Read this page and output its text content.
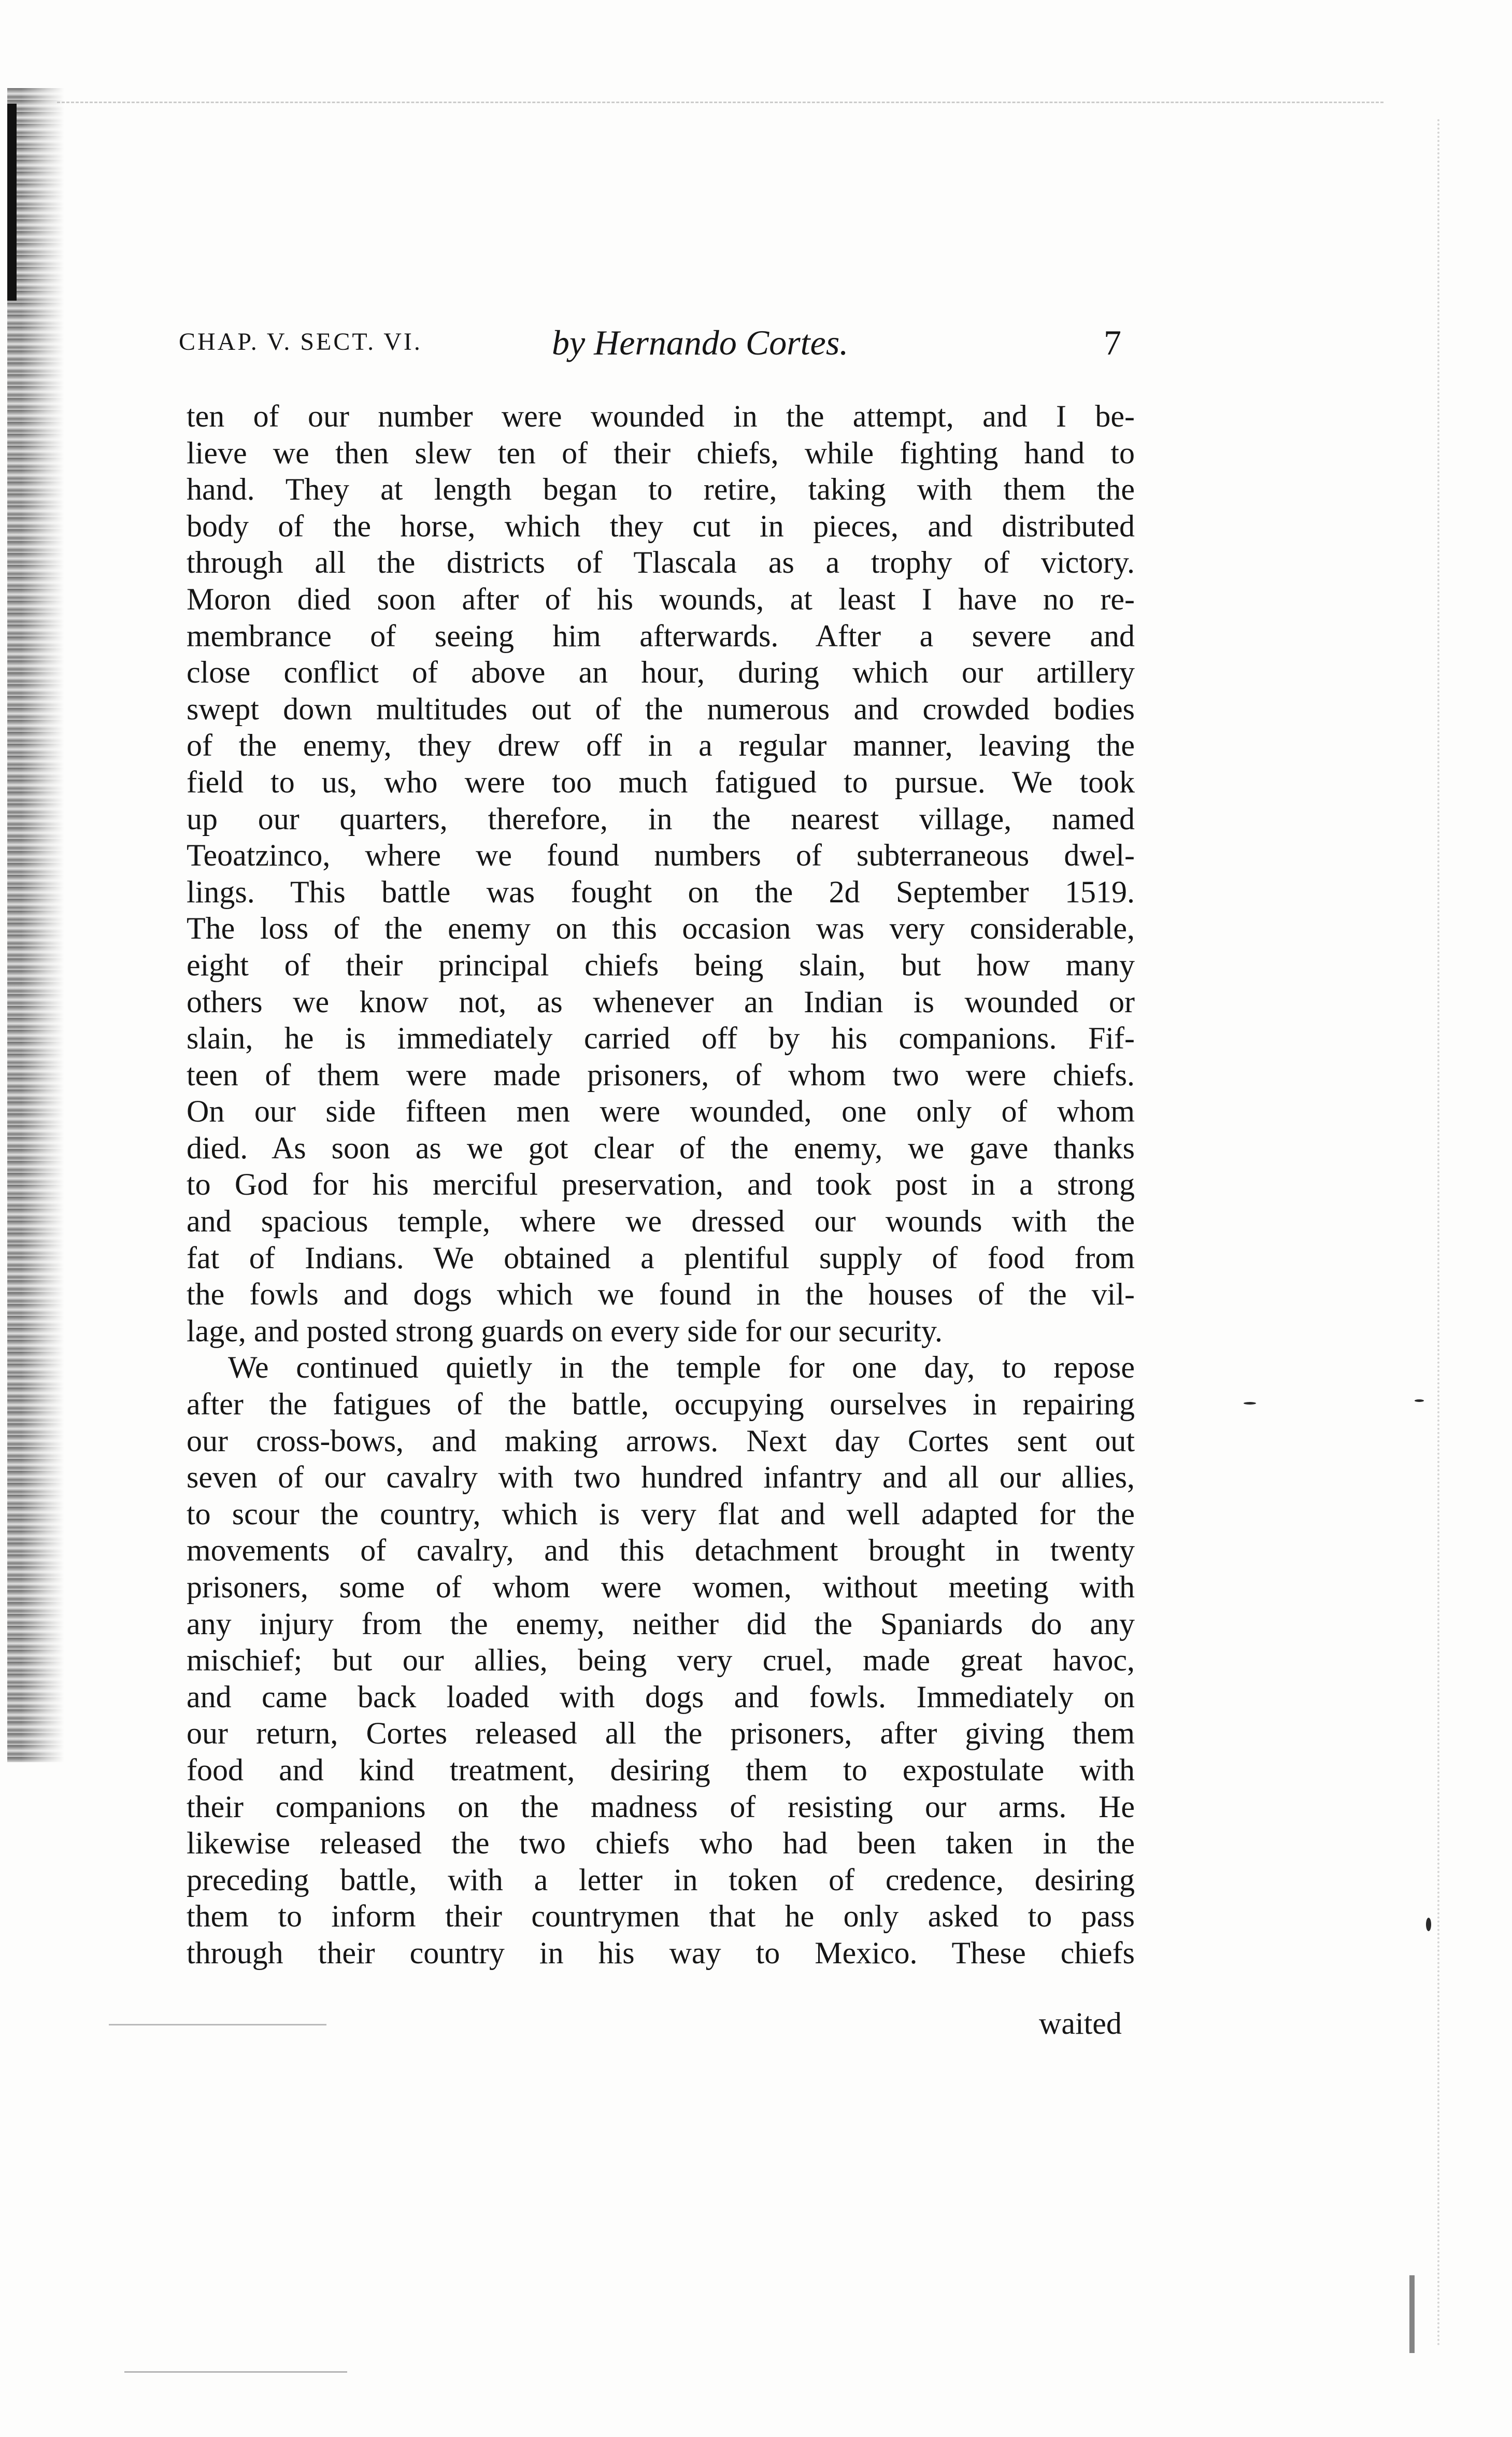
CHAP. V. SECT. VI.	by Hernando Cortes.	7
ten of our number were wounded in the attempt, and I be-
lieve we then slew ten of their chiefs, while fighting hand to
hand. They at length began to retire, taking with them the
body of the horse, which they cut in pieces, and distributed
through all the districts of Tlascala as a trophy of victory.
Moron died soon after of his wounds, at least I have no re-
membrance of seeing him afterwards. After a severe and
close conflict of above an hour, during which our artillery
swept down multitudes out of the numerous and crowded bodies
of the enemy, they drew off in a regular manner, leaving the
field to us, who were too much fatigued to pursue. We took
up our quarters, therefore, in the nearest village, named
Teoatzinco, where we found numbers of subterraneous dwel-
lings. This battle was fought on the 2d September 1519.
The loss of the enemy on this occasion was very considerable,
eight of their principal chiefs being slain, but how many
others we know not, as whenever an Indian is wounded or
slain, he is immediately carried off by his companions. Fif-
teen of them were made prisoners, of whom two were chiefs.
On our side fifteen men were wounded, one only of whom
died. As soon as we got clear of the enemy, we gave thanks
to God for his merciful preservation, and took post in a strong
and spacious temple, where we dressed our wounds with the
fat of Indians. We obtained a plentiful supply of food from
the fowls and dogs which we found in the houses of the vil-
lage, and posted strong guards on every side for our security.
We continued quietly in the temple for one day, to repose
after the fatigues of the battle, occupying ourselves in repairing
our cross-bows, and making arrows. Next day Cortes sent out
seven of our cavalry with two hundred infantry and all our allies,
to scour the country, which is very flat and well adapted for the
movements of cavalry, and this detachment brought in twenty
prisoners, some of whom were women, without meeting with
any injury from the enemy, neither did the Spaniards do any
mischief; but our allies, being very cruel, made great havoc,
and came back loaded with dogs and fowls. Immediately on
our return, Cortes released all the prisoners, after giving them
food and kind treatment, desiring them to expostulate with
their companions on the madness of resisting our arms. He
likewise released the two chiefs who had been taken in the
preceding battle, with a letter in token of credence, desiring
them to inform their countrymen that he only asked to pass
through their country in his way to Mexico. These chiefs
waited
